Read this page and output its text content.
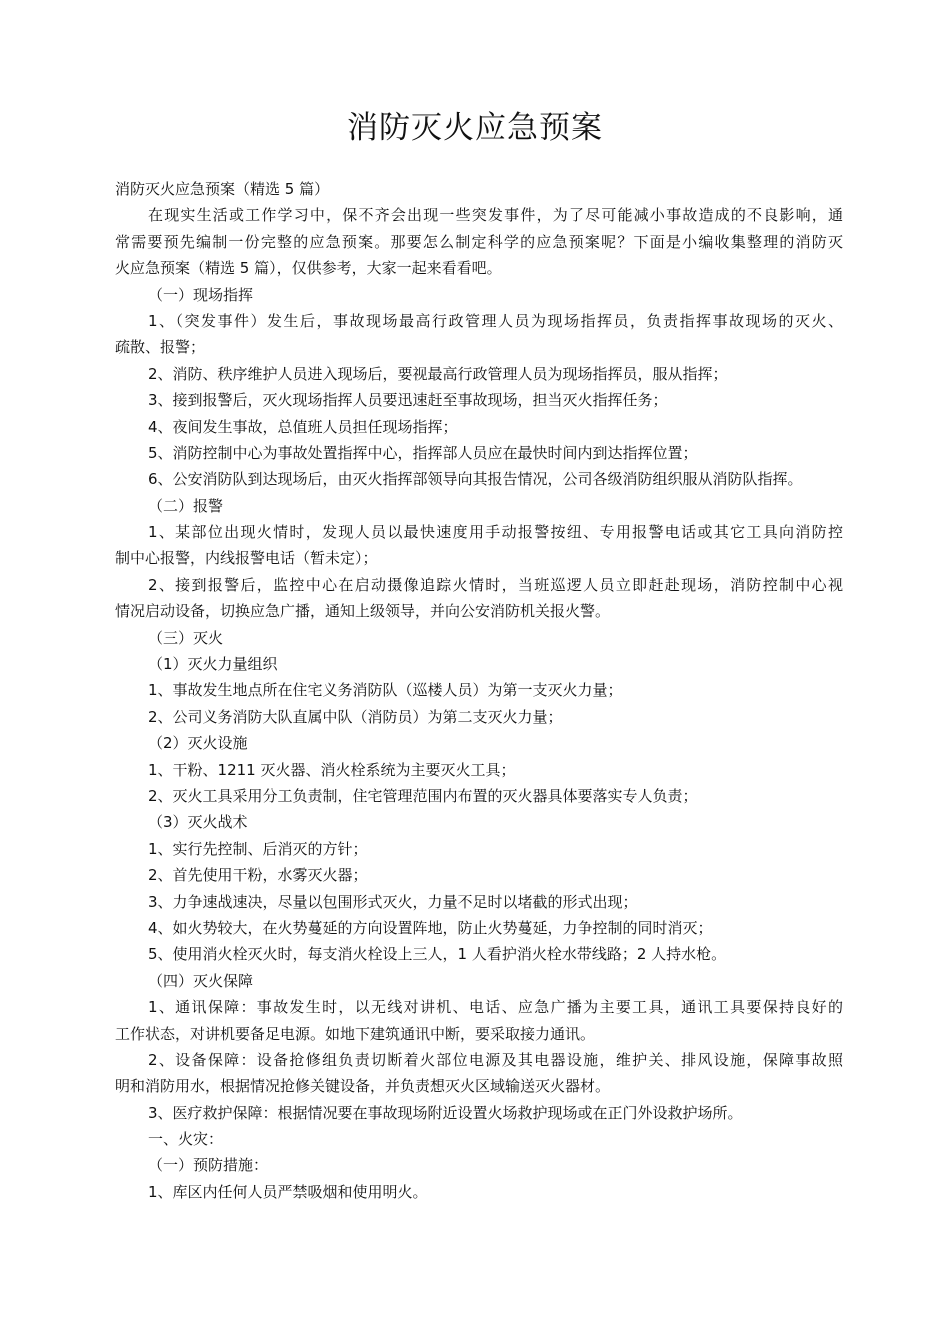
消防灭火应急预案
消防灭火应急预案（精选 5 篇）
在现实生活或工作学习中，保不齐会出现一些突发事件，为了尽可能减小事故造成的不良影响，通
常需要预先编制一份完整的应急预案。那要怎么制定科学的应急预案呢？下面是小编收集整理的消防灭
火应急预案（精选 5 篇），仅供参考，大家一起来看看吧。
（一）现场指挥
1、（突发事件）发生后，事故现场最高行政管理人员为现场指挥员，负责指挥事故现场的灭火、
疏散、报警；
2、消防、秩序维护人员进入现场后，要视最高行政管理人员为现场指挥员，服从指挥；
3、接到报警后，灭火现场指挥人员要迅速赶至事故现场，担当灭火指挥任务；
4、夜间发生事故，总值班人员担任现场指挥；
5、消防控制中心为事故处置指挥中心，指挥部人员应在最快时间内到达指挥位置；
6、公安消防队到达现场后，由灭火指挥部领导向其报告情况，公司各级消防组织服从消防队指挥。
（二）报警
1、某部位出现火情时，发现人员以最快速度用手动报警按纽、专用报警电话或其它工具向消防控
制中心报警，内线报警电话（暂未定）；
2、接到报警后，监控中心在启动摄像追踪火情时，当班巡逻人员立即赶赴现场，消防控制中心视
情况启动设备，切换应急广播，通知上级领导，并向公安消防机关报火警。
（三）灭火
（1）灭火力量组织
1、事故发生地点所在住宅义务消防队（巡楼人员）为第一支灭火力量；
2、公司义务消防大队直属中队（消防员）为第二支灭火力量；
（2）灭火设施
1、干粉、1211 灭火器、消火栓系统为主要灭火工具；
2、灭火工具采用分工负责制，住宅管理范围内布置的灭火器具体要落实专人负责；
（3）灭火战术
1、实行先控制、后消灭的方针；
2、首先使用干粉，水雾灭火器；
3、力争速战速决，尽量以包围形式灭火，力量不足时以堵截的形式出现；
4、如火势较大，在火势蔓延的方向设置阵地，防止火势蔓延，力争控制的同时消灭；
5、使用消火栓灭火时，每支消火栓设上三人，1 人看护消火栓水带线路；2 人持水枪。
（四）灭火保障
1、通讯保障：事故发生时，以无线对讲机、电话、应急广播为主要工具，通讯工具要保持良好的
工作状态，对讲机要备足电源。如地下建筑通讯中断，要采取接力通讯。
2、设备保障：设备抢修组负责切断着火部位电源及其电器设施，维护关、排风设施，保障事故照
明和消防用水，根据情况抢修关键设备，并负责想灭火区域输送灭火器材。
3、医疗救护保障：根据情况要在事故现场附近设置火场救护现场或在正门外设救护场所。
一、火灾：
（一）预防措施：
1、库区内任何人员严禁吸烟和使用明火。
